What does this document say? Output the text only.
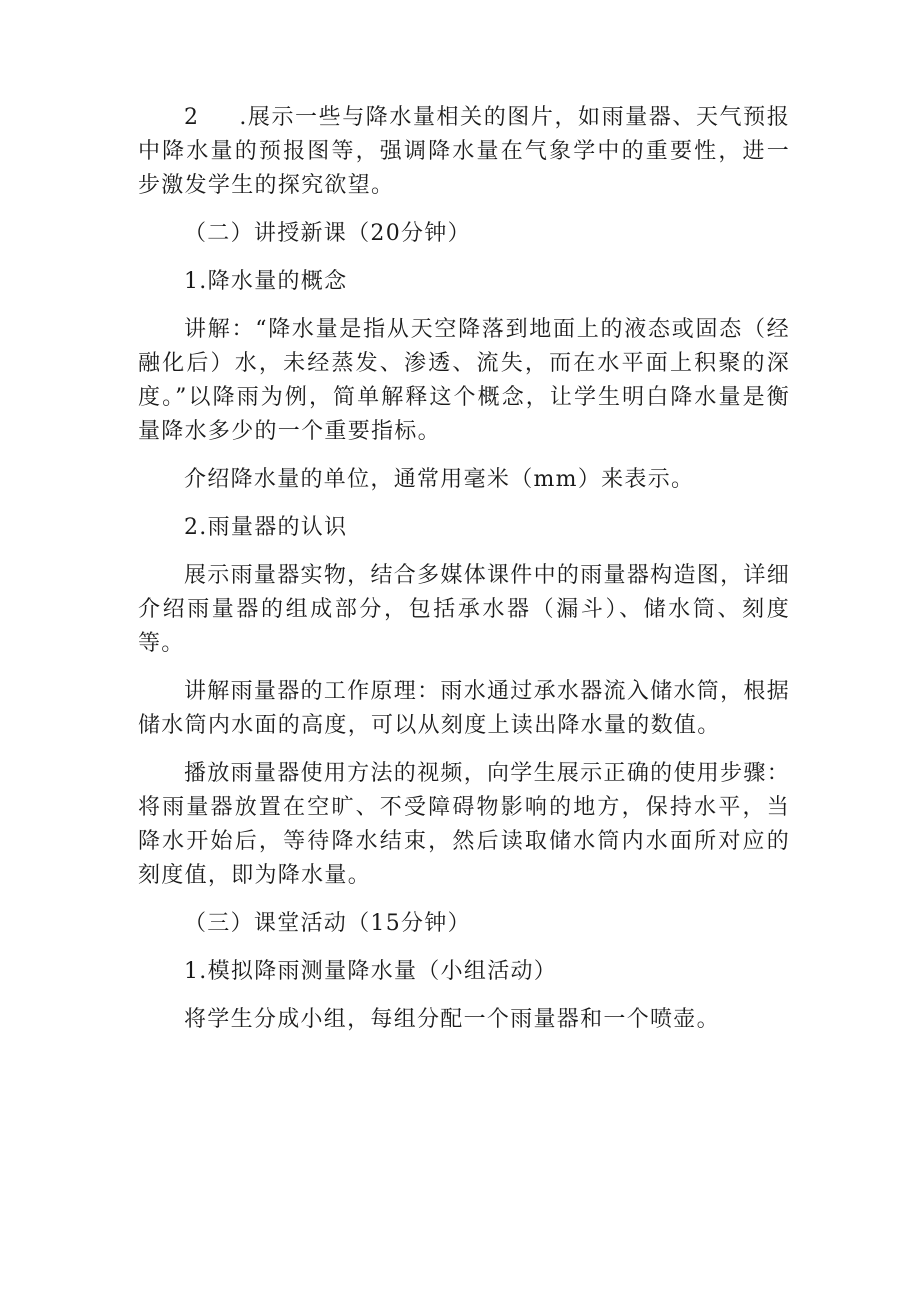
2 .展示一些与降水量相关的图片，如雨量器、天气预报中降水量的预报图等，强调降水量在气象学中的重要性，进一步激发学生的探究欲望。

（二）讲授新课（20分钟）

1.降水量的概念

讲解：“降水量是指从天空降落到地面上的液态或固态（经融化后）水，未经蒸发、渗透、流失，而在水平面上积聚的深度。”以降雨为例，简单解释这个概念，让学生明白降水量是衡量降水多少的一个重要指标。

介绍降水量的单位，通常用毫米（mm）来表示。

2.雨量器的认识

展示雨量器实物，结合多媒体课件中的雨量器构造图，详细介绍雨量器的组成部分，包括承水器（漏斗）、储水筒、刻度等。

讲解雨量器的工作原理：雨水通过承水器流入储水筒，根据储水筒内水面的高度，可以从刻度上读出降水量的数值。

播放雨量器使用方法的视频，向学生展示正确的使用步骤：将雨量器放置在空旷、不受障碍物影响的地方，保持水平，当降水开始后，等待降水结束，然后读取储水筒内水面所对应的刻度值，即为降水量。

（三）课堂活动（15分钟）

1.模拟降雨测量降水量（小组活动）

将学生分成小组，每组分配一个雨量器和一个喷壶。
